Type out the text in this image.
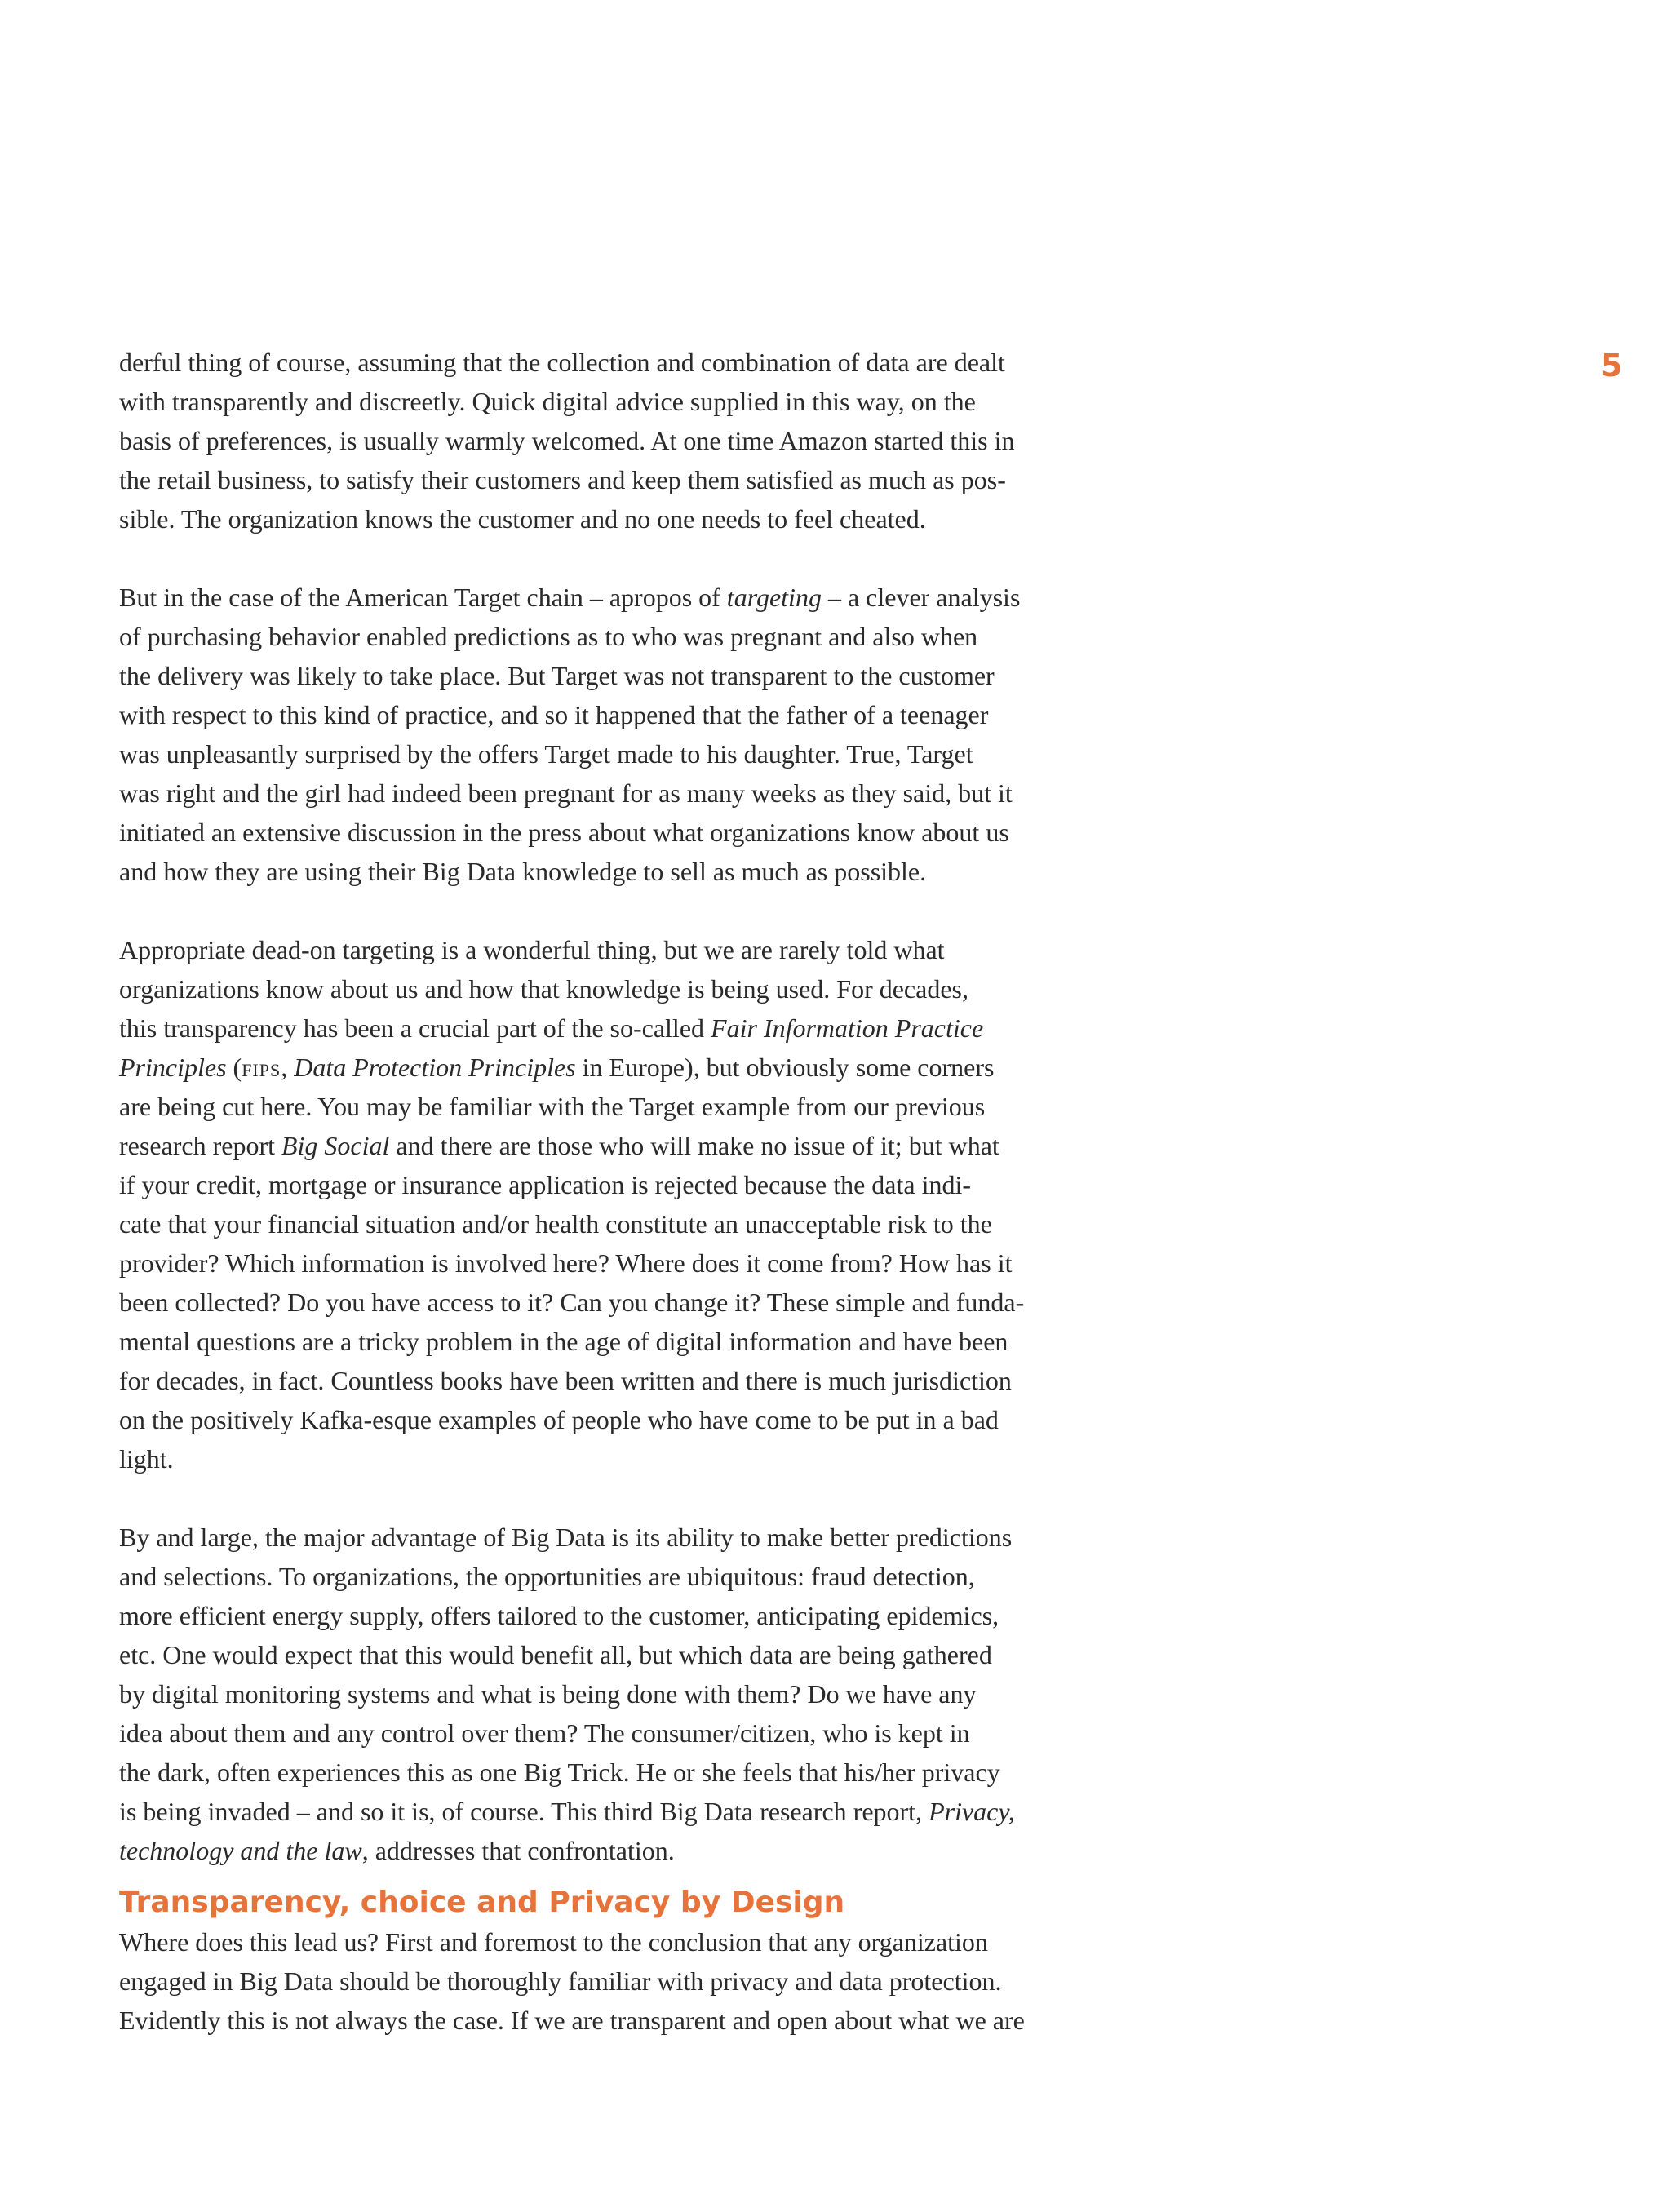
5
derful thing of course, assuming that the collection and combination of data are dealt
with transparently and discreetly. Quick digital advice supplied in this way, on the
basis of preferences, is usually warmly welcomed. At one time Amazon started this in
the retail business, to satisfy their customers and keep them satisfied as much as pos-
sible. The organization knows the customer and no one needs to feel cheated.
But in the case of the American Target chain – apropos of targeting – a clever analysis
of purchasing behavior enabled predictions as to who was pregnant and also when
the delivery was likely to take place. But Target was not transparent to the customer
with respect to this kind of practice, and so it happened that the father of a teenager
was unpleasantly surprised by the offers Target made to his daughter. True, Target
was right and the girl had indeed been pregnant for as many weeks as they said, but it
initiated an extensive discussion in the press about what organizations know about us
and how they are using their Big Data knowledge to sell as much as possible.
Appropriate dead-on targeting is a wonderful thing, but we are rarely told what
organizations know about us and how that knowledge is being used. For decades,
this transparency has been a crucial part of the so-called Fair Information Practice
Principles (fips, Data Protection Principles in Europe), but obviously some corners
are being cut here. You may be familiar with the Target example from our previous
research report Big Social and there are those who will make no issue of it; but what
if your credit, mortgage or insurance application is rejected because the data indi-
cate that your financial situation and/or health constitute an unacceptable risk to the
provider? Which information is involved here? Where does it come from? How has it
been collected? Do you have access to it? Can you change it? These simple and funda-
mental questions are a tricky problem in the age of digital information and have been
for decades, in fact. Countless books have been written and there is much jurisdiction
on the positively Kafka-esque examples of people who have come to be put in a bad
light.
By and large, the major advantage of Big Data is its ability to make better predictions
and selections. To organizations, the opportunities are ubiquitous: fraud detection,
more efficient energy supply, offers tailored to the customer, anticipating epidemics,
etc. One would expect that this would benefit all, but which data are being gathered
by digital monitoring systems and what is being done with them? Do we have any
idea about them and any control over them? The consumer/citizen, who is kept in
the dark, often experiences this as one Big Trick. He or she feels that his/her privacy
is being invaded – and so it is, of course. This third Big Data research report, Privacy,
technology and the law, addresses that confrontation.
Transparency, choice and Privacy by Design
Where does this lead us? First and foremost to the conclusion that any organization
engaged in Big Data should be thoroughly familiar with privacy and data protection.
Evidently this is not always the case. If we are transparent and open about what we are
